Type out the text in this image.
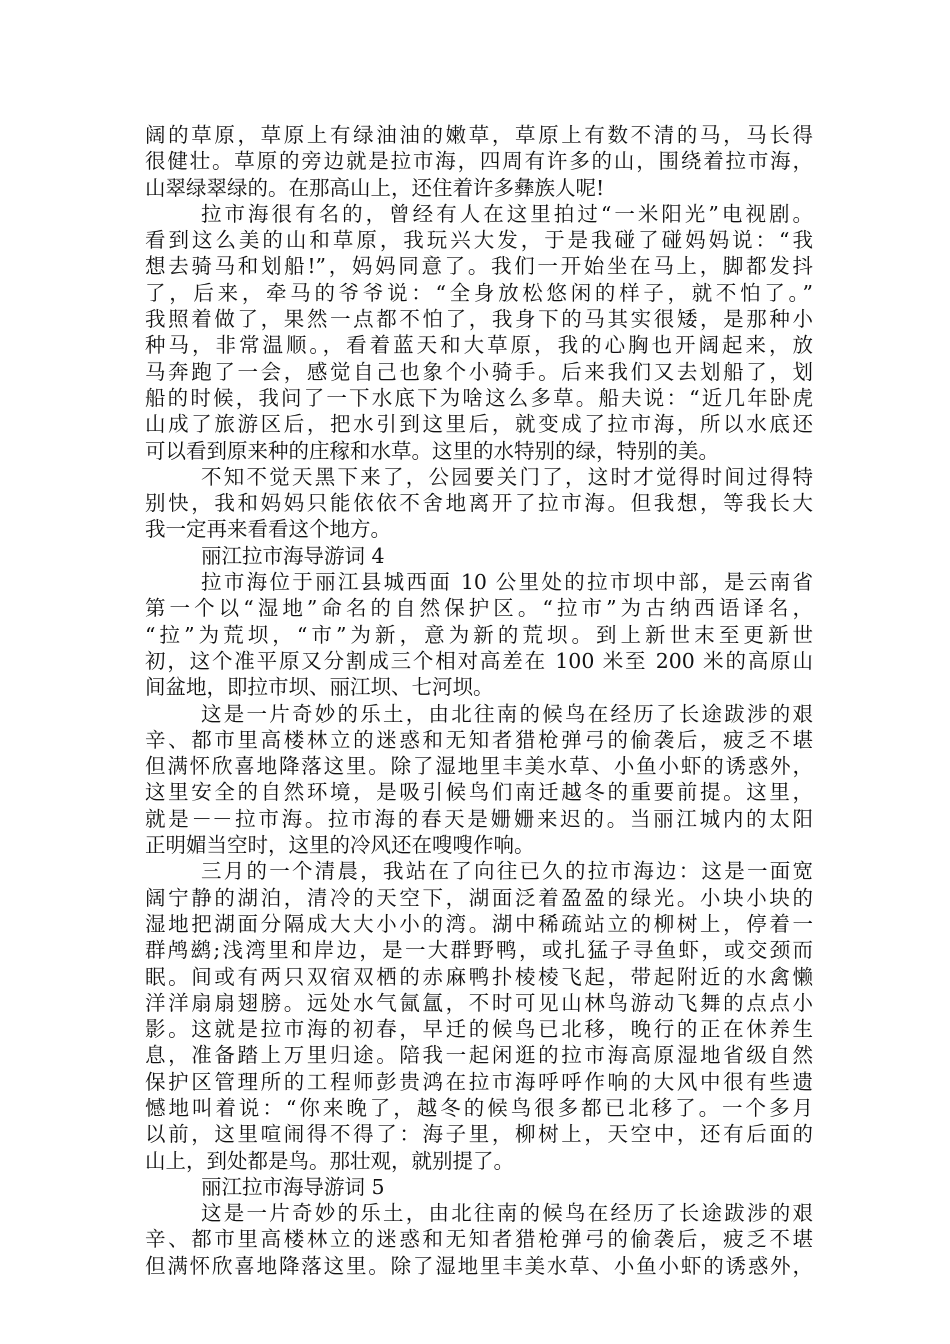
阔的草原，草原上有绿油油的嫩草，草原上有数不清的马，马长得
很健壮。草原的旁边就是拉市海，四周有许多的山，围绕着拉市海，
山翠绿翠绿的。在那高山上，还住着许多彝族人呢!
拉市海很有名的，曾经有人在这里拍过“一米阳光”电视剧。
看到这么美的山和草原，我玩兴大发，于是我碰了碰妈妈说：“我
想去骑马和划船!”，妈妈同意了。我们一开始坐在马上，脚都发抖
了，后来，牵马的爷爷说：“全身放松悠闲的样子，就不怕了。”
我照着做了，果然一点都不怕了，我身下的马其实很矮，是那种小
种马，非常温顺。，看着蓝天和大草原，我的心胸也开阔起来，放
马奔跑了一会，感觉自己也象个小骑手。后来我们又去划船了，划
船的时候，我问了一下水底下为啥这么多草。船夫说：“近几年卧虎
山成了旅游区后，把水引到这里后，就变成了拉市海，所以水底还
可以看到原来种的庄稼和水草。这里的水特别的绿，特别的美。
不知不觉天黑下来了，公园要关门了，这时才觉得时间过得特
别快，我和妈妈只能依依不舍地离开了拉市海。但我想，等我长大
我一定再来看看这个地方。
丽江拉市海导游词 4
拉市海位于丽江县城西面 10 公里处的拉市坝中部，是云南省
第一个以“湿地”命名的自然保护区。“拉市”为古纳西语译名，
“拉”为荒坝，“市”为新，意为新的荒坝。到上新世末至更新世
初，这个准平原又分割成三个相对高差在 100 米至 200 米的高原山
间盆地，即拉市坝、丽江坝、七河坝。
这是一片奇妙的乐土，由北往南的候鸟在经历了长途跋涉的艰
辛、都市里高楼林立的迷惑和无知者猎枪弹弓的偷袭后，疲乏不堪
但满怀欣喜地降落这里。除了湿地里丰美水草、小鱼小虾的诱惑外，
这里安全的自然环境，是吸引候鸟们南迁越冬的重要前提。这里，
就是－－拉市海。拉市海的春天是姗姗来迟的。当丽江城内的太阳
正明媚当空时，这里的冷风还在嗖嗖作响。
三月的一个清晨，我站在了向往已久的拉市海边：这是一面宽
阔宁静的湖泊，清冷的天空下，湖面泛着盈盈的绿光。小块小块的
湿地把湖面分隔成大大小小的湾。湖中稀疏站立的柳树上，停着一
群鸬鹚;浅湾里和岸边，是一大群野鸭，或扎猛子寻鱼虾，或交颈而
眠。间或有两只双宿双栖的赤麻鸭扑棱棱飞起，带起附近的水禽懒
洋洋扇扇翅膀。远处水气氤氲，不时可见山林鸟游动飞舞的点点小
影。这就是拉市海的初春，早迁的候鸟已北移，晚行的正在休养生
息，准备踏上万里归途。陪我一起闲逛的拉市海高原湿地省级自然
保护区管理所的工程师彭贵鸿在拉市海呼呼作响的大风中很有些遗
憾地叫着说：“你来晚了，越冬的候鸟很多都已北移了。一个多月
以前，这里喧闹得不得了：海子里，柳树上，天空中，还有后面的
山上，到处都是鸟。那壮观，就别提了。
丽江拉市海导游词 5
这是一片奇妙的乐土，由北往南的候鸟在经历了长途跋涉的艰
辛、都市里高楼林立的迷惑和无知者猎枪弹弓的偷袭后，疲乏不堪
但满怀欣喜地降落这里。除了湿地里丰美水草、小鱼小虾的诱惑外，
